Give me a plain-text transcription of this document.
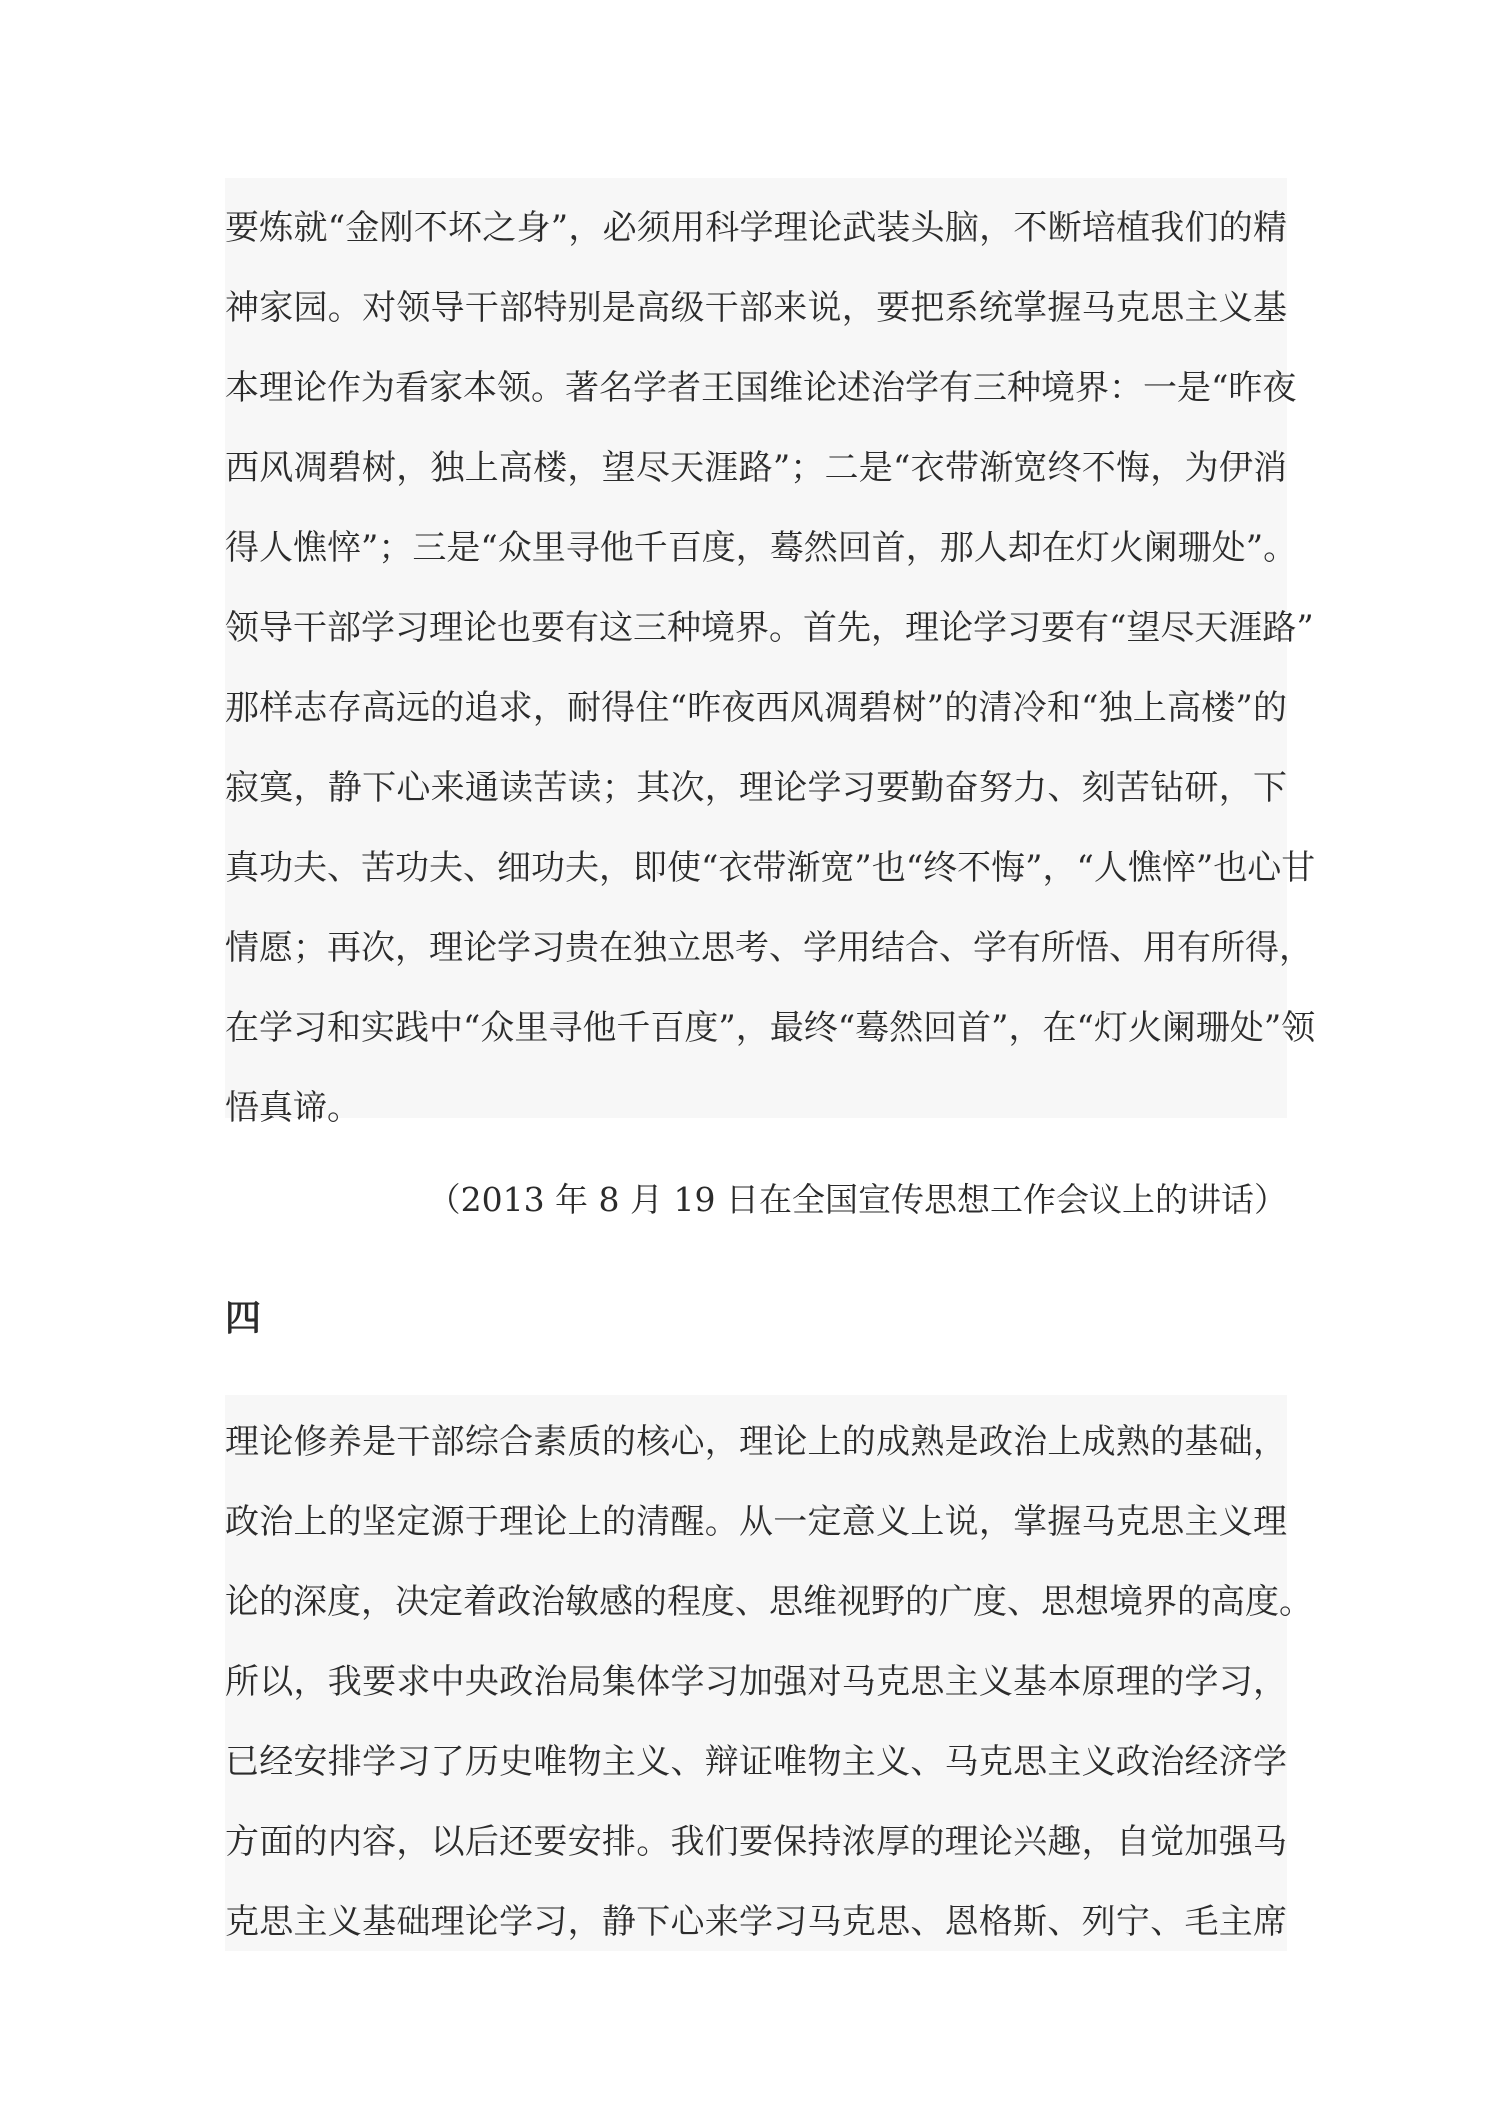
要炼就“金刚不坏之身”，必须用科学理论武装头脑，不断培植我们的精
神家园。对领导干部特别是高级干部来说，要把系统掌握马克思主义基
本理论作为看家本领。著名学者王国维论述治学有三种境界：一是“昨夜
西风凋碧树，独上高楼，望尽天涯路”；二是“衣带渐宽终不悔，为伊消
得人憔悴”；三是“众里寻他千百度，蓦然回首，那人却在灯火阑珊处”。
领导干部学习理论也要有这三种境界。首先，理论学习要有“望尽天涯路”
那样志存高远的追求，耐得住“昨夜西风凋碧树”的清冷和“独上高楼”的
寂寞，静下心来通读苦读；其次，理论学习要勤奋努力、刻苦钻研，下
真功夫、苦功夫、细功夫，即使“衣带渐宽”也“终不悔”，“人憔悴”也心甘
情愿；再次，理论学习贵在独立思考、学用结合、学有所悟、用有所得，
在学习和实践中“众里寻他千百度”，最终“蓦然回首”，在“灯火阑珊处”领
悟真谛。
（2013 年 8 月 19 日在全国宣传思想工作会议上的讲话）
四
理论修养是干部综合素质的核心，理论上的成熟是政治上成熟的基础，
政治上的坚定源于理论上的清醒。从一定意义上说，掌握马克思主义理
论的深度，决定着政治敏感的程度、思维视野的广度、思想境界的高度。
所以，我要求中央政治局集体学习加强对马克思主义基本原理的学习，
已经安排学习了历史唯物主义、辩证唯物主义、马克思主义政治经济学
方面的内容，以后还要安排。我们要保持浓厚的理论兴趣，自觉加强马
克思主义基础理论学习，静下心来学习马克思、恩格斯、列宁、毛主席
